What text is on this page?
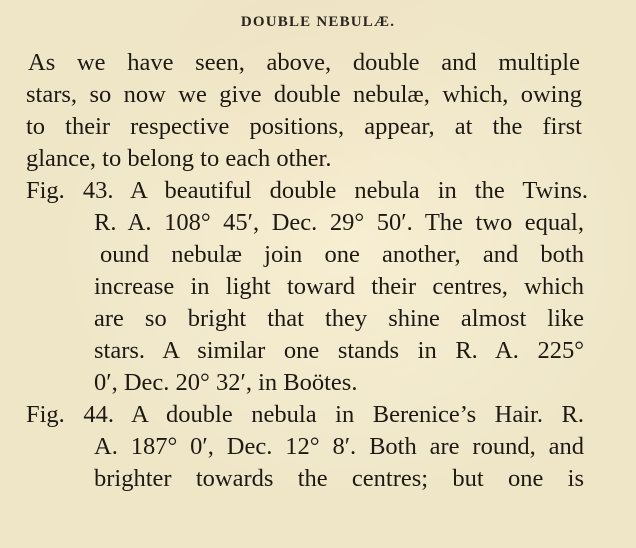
DOUBLE NEBULÆ.
As we have seen, above, double and multiple
stars, so now we give double nebulæ, which, owing
to their respective positions, appear, at the first
glance, to belong to each other.
Fig. 43. A beautiful double nebula in the Twins.
R. A. 108° 45′, Dec. 29° 50′. The two equal,
ound nebulæ join one another, and both
increase in light toward their centres, which
are so bright that they shine almost like
stars. A similar one stands in R. A. 225°
0′, Dec. 20° 32′, in Boötes.
Fig. 44. A double nebula in Berenice’s Hair. R.
A. 187° 0′, Dec. 12° 8′. Both are round, and
brighter towards the centres; but one is
